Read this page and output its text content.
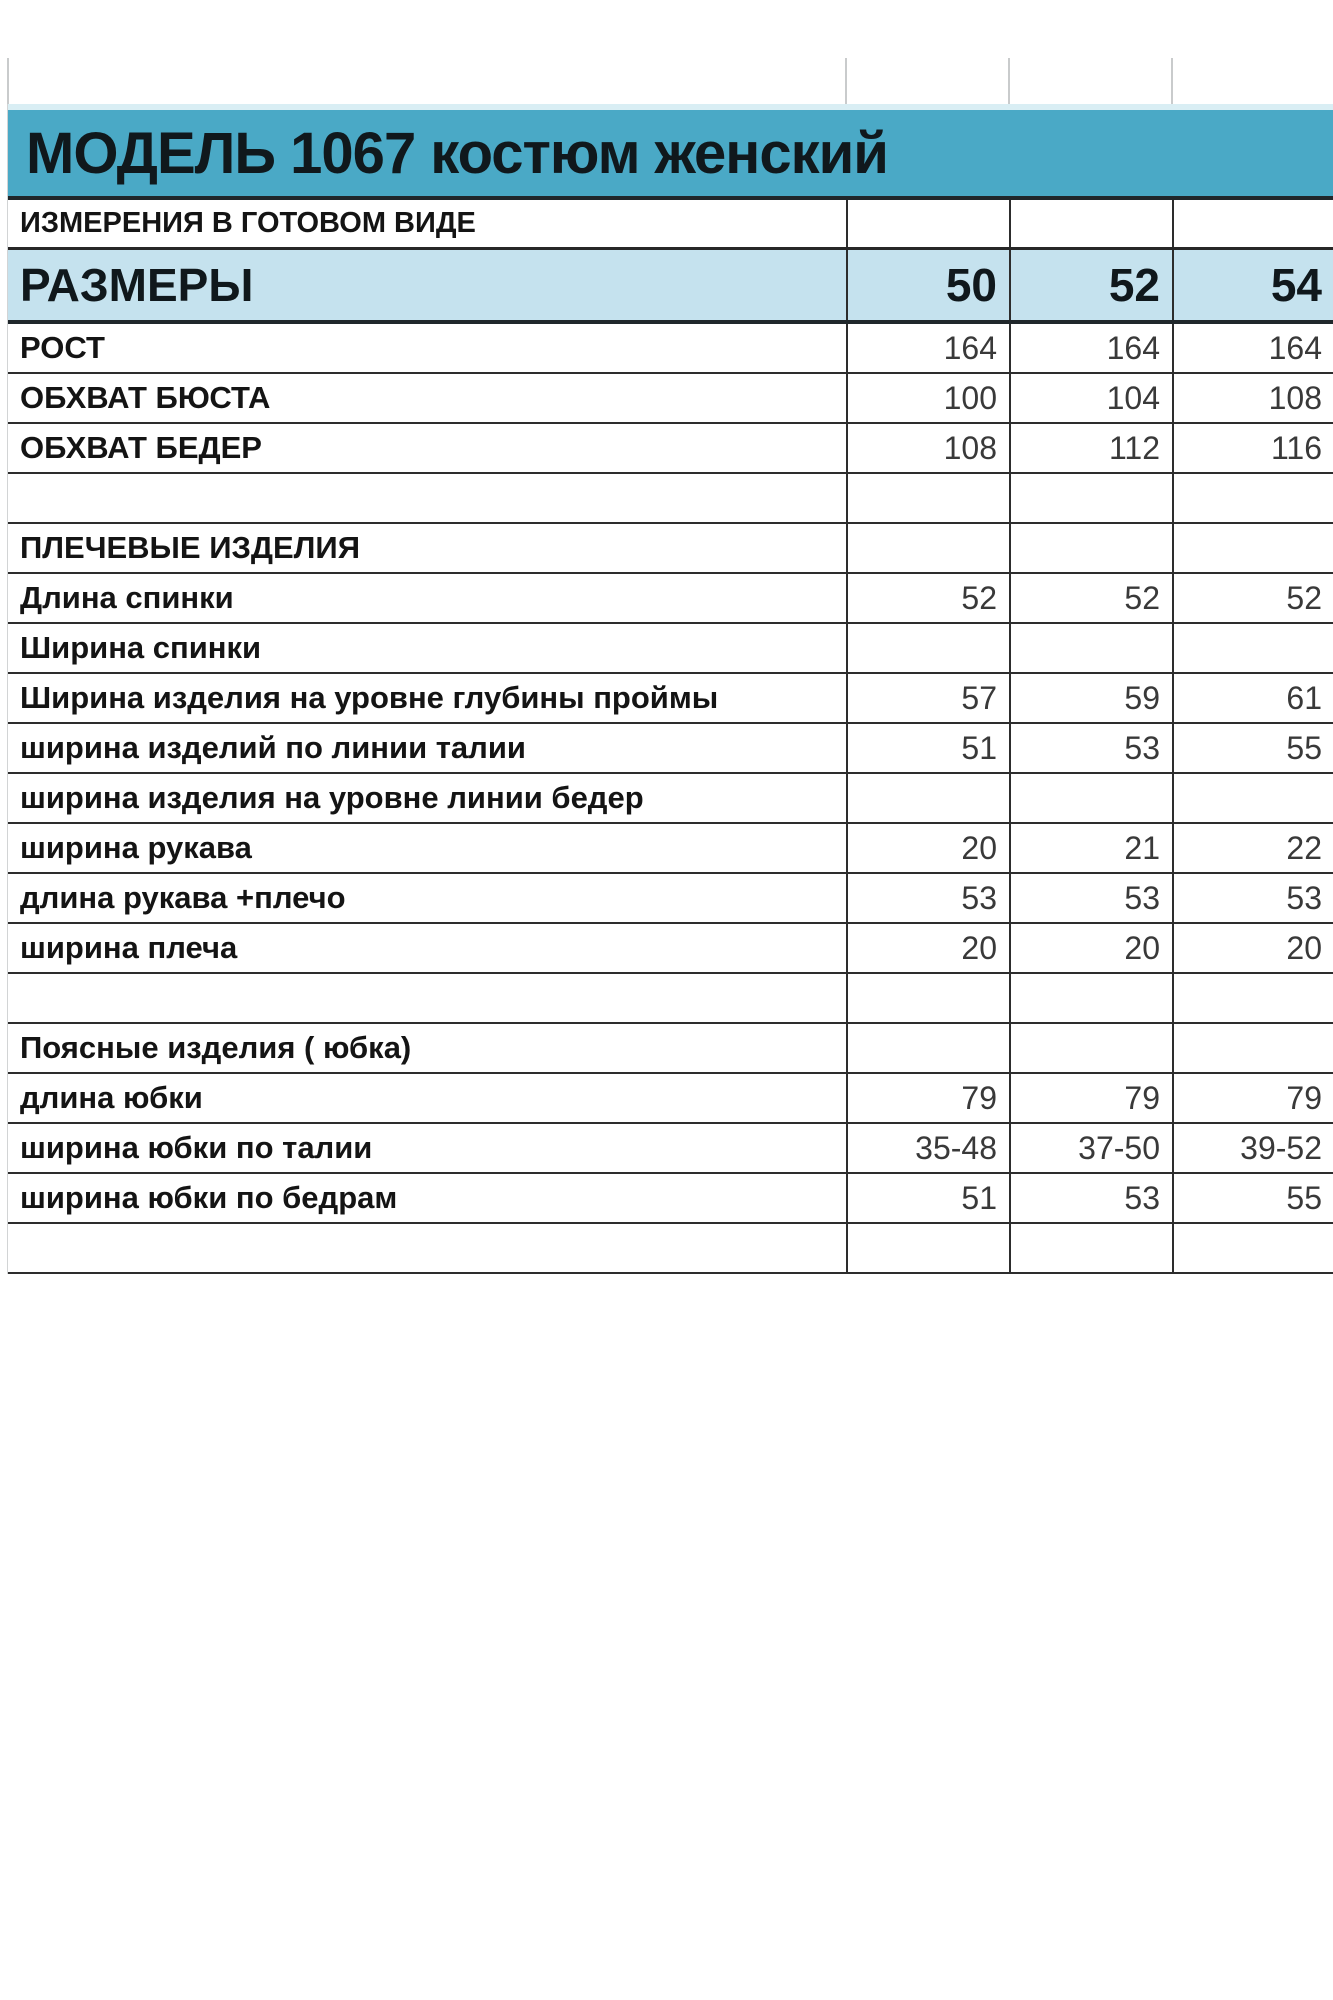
МОДЕЛЬ 1067 костюм женский
ИЗМЕРЕНИЯ В ГОТОВОМ ВИДЕ
РАЗМЕРЫ	50	52	54
РОСТ	164	164	164
ОБХВАТ БЮСТА	100	104	108
ОБХВАТ БЕДЕР	108	112	116
ПЛЕЧЕВЫЕ ИЗДЕЛИЯ
Длина спинки	52	52	52
Ширина спинки
Ширина изделия на уровне глубины проймы	57	59	61
ширина изделий по линии талии	51	53	55
ширина изделия на уровне линии бедер
ширина рукава	20	21	22
длина рукава +плечо	53	53	53
ширина плеча	20	20	20
Поясные изделия ( юбка)
длина юбки	79	79	79
ширина юбки по талии	35-48	37-50	39-52
ширина юбки по бедрам	51	53	55
